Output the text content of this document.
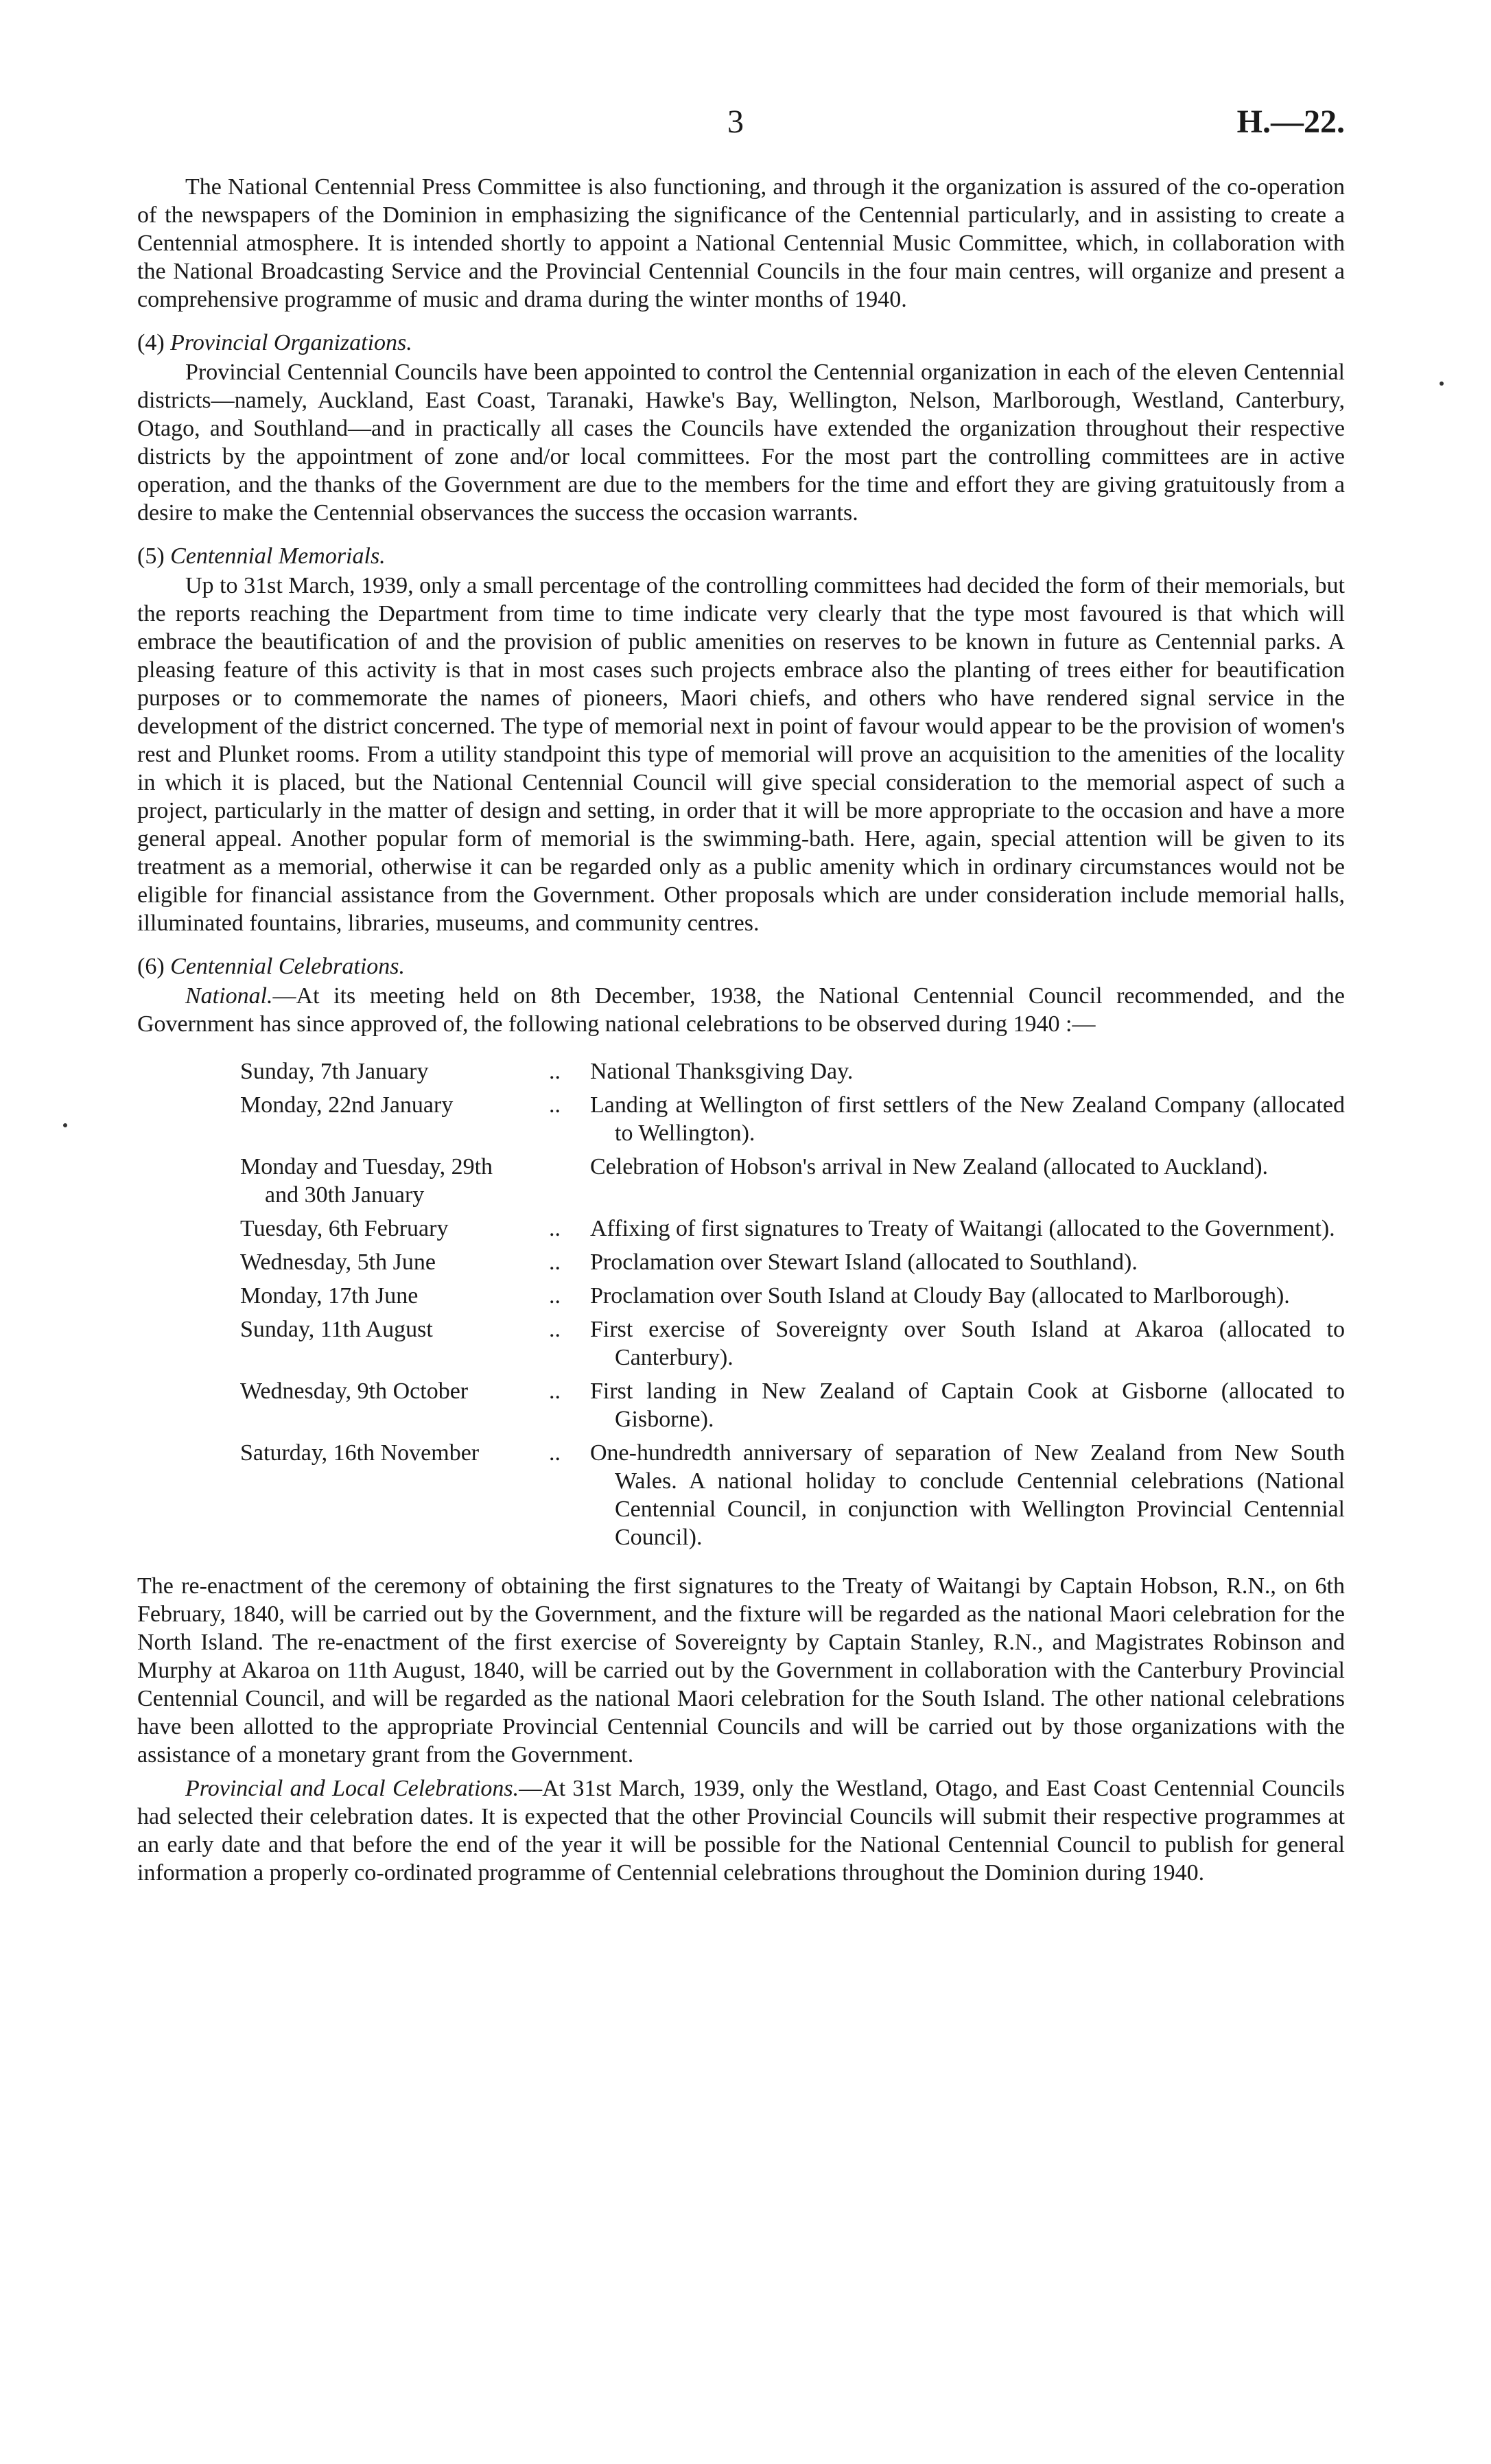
3	H.—22.

The National Centennial Press Committee is also functioning, and through it the organization is assured of the co-operation of the newspapers of the Dominion in emphasizing the significance of the Centennial particularly, and in assisting to create a Centennial atmosphere. It is intended shortly to appoint a National Centennial Music Committee, which, in collaboration with the National Broadcasting Service and the Provincial Centennial Councils in the four main centres, will organize and present a comprehensive programme of music and drama during the winter months of 1940.

(4) Provincial Organizations.

Provincial Centennial Councils have been appointed to control the Centennial organization in each of the eleven Centennial districts—namely, Auckland, East Coast, Taranaki, Hawke's Bay, Wellington, Nelson, Marlborough, Westland, Canterbury, Otago, and Southland—and in practically all cases the Councils have extended the organization throughout their respective districts by the appointment of zone and/or local committees. For the most part the controlling committees are in active operation, and the thanks of the Government are due to the members for the time and effort they are giving gratuitously from a desire to make the Centennial observances the success the occasion warrants.

(5) Centennial Memorials.

Up to 31st March, 1939, only a small percentage of the controlling committees had decided the form of their memorials, but the reports reaching the Department from time to time indicate very clearly that the type most favoured is that which will embrace the beautification of and the provision of public amenities on reserves to be known in future as Centennial parks. A pleasing feature of this activity is that in most cases such projects embrace also the planting of trees either for beautification purposes or to commemorate the names of pioneers, Maori chiefs, and others who have rendered signal service in the development of the district concerned. The type of memorial next in point of favour would appear to be the provision of women's rest and Plunket rooms. From a utility standpoint this type of memorial will prove an acquisition to the amenities of the locality in which it is placed, but the National Centennial Council will give special consideration to the memorial aspect of such a project, particularly in the matter of design and setting, in order that it will be more appropriate to the occasion and have a more general appeal. Another popular form of memorial is the swimming-bath. Here, again, special attention will be given to its treatment as a memorial, otherwise it can be regarded only as a public amenity which in ordinary circumstances would not be eligible for financial assistance from the Government. Other proposals which are under consideration include memorial halls, illuminated fountains, libraries, museums, and community centres.

(6) Centennial Celebrations.

National.—At its meeting held on 8th December, 1938, the National Centennial Council recommended, and the Government has since approved of, the following national celebrations to be observed during 1940 :—

Sunday, 7th January	..	National Thanksgiving Day.

Monday, 22nd January	..	Landing at Wellington of first settlers of the New Zealand Company (allocated to Wellington).

Monday and Tuesday, 29th
and 30th January		Celebration of Hobson's arrival in New Zealand (allocated to Auckland).

Tuesday, 6th February	..	Affixing of first signatures to Treaty of Waitangi (allocated to the Government).

Wednesday, 5th June	..	Proclamation over Stewart Island (allocated to Southland).

Monday, 17th June	..	Proclamation over South Island at Cloudy Bay (allocated to Marlborough).

Sunday, 11th August	..	First exercise of Sovereignty over South Island at Akaroa (allocated to Canterbury).

Wednesday, 9th October	..	First landing in New Zealand of Captain Cook at Gisborne (allocated to Gisborne).

Saturday, 16th November	..	One-hundredth anniversary of separation of New Zealand from New South Wales. A national holiday to conclude Centennial celebrations (National Centennial Council, in conjunction with Wellington Provincial Centennial Council).

The re-enactment of the ceremony of obtaining the first signatures to the Treaty of Waitangi by Captain Hobson, R.N., on 6th February, 1840, will be carried out by the Government, and the fixture will be regarded as the national Maori celebration for the North Island. The re-enactment of the first exercise of Sovereignty by Captain Stanley, R.N., and Magistrates Robinson and Murphy at Akaroa on 11th August, 1840, will be carried out by the Government in collaboration with the Canterbury Provincial Centennial Council, and will be regarded as the national Maori celebration for the South Island. The other national celebrations have been allotted to the appropriate Provincial Centennial Councils and will be carried out by those organizations with the assistance of a monetary grant from the Government.

Provincial and Local Celebrations.—At 31st March, 1939, only the Westland, Otago, and East Coast Centennial Councils had selected their celebration dates. It is expected that the other Provincial Councils will submit their respective programmes at an early date and that before the end of the year it will be possible for the National Centennial Council to publish for general information a properly co-ordinated programme of Centennial celebrations throughout the Dominion during 1940.
